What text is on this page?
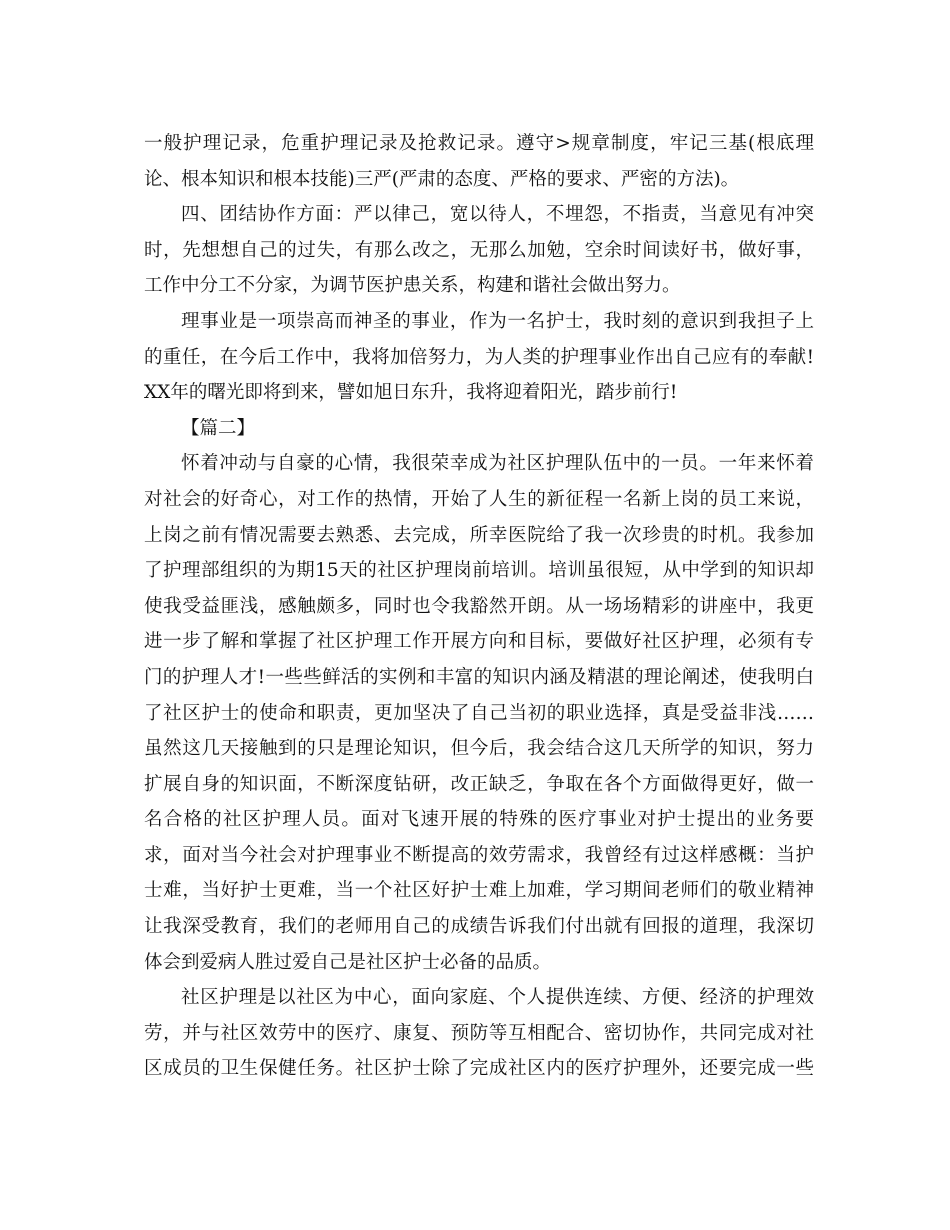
一般护理记录，危重护理记录及抢救记录。遵守>规章制度，牢记三基(根底理
论、根本知识和根本技能)三严(严肃的态度、严格的要求、严密的方法)。
四、团结协作方面：严以律己，宽以待人，不埋怨，不指责，当意见有冲突
时，先想想自己的过失，有那么改之，无那么加勉，空余时间读好书，做好事，
工作中分工不分家，为调节医护患关系，构建和谐社会做出努力。
理事业是一项崇高而神圣的事业，作为一名护士，我时刻的意识到我担子上
的重任，在今后工作中，我将加倍努力，为人类的护理事业作出自己应有的奉献!
XX年的曙光即将到来，譬如旭日东升，我将迎着阳光，踏步前行!
【篇二】
怀着冲动与自豪的心情，我很荣幸成为社区护理队伍中的一员。一年来怀着
对社会的好奇心，对工作的热情，开始了人生的新征程一名新上岗的员工来说，
上岗之前有情况需要去熟悉、去完成，所幸医院给了我一次珍贵的时机。我参加
了护理部组织的为期15天的社区护理岗前培训。培训虽很短，从中学到的知识却
使我受益匪浅，感触颇多，同时也令我豁然开朗。从一场场精彩的讲座中，我更
进一步了解和掌握了社区护理工作开展方向和目标，要做好社区护理，必须有专
门的护理人才!一些些鲜活的实例和丰富的知识内涵及精湛的理论阐述，使我明白
了社区护士的使命和职责，更加坚决了自己当初的职业选择，真是受益非浅……
虽然这几天接触到的只是理论知识，但今后，我会结合这几天所学的知识，努力
扩展自身的知识面，不断深度钻研，改正缺乏，争取在各个方面做得更好，做一
名合格的社区护理人员。面对飞速开展的特殊的医疗事业对护士提出的业务要
求，面对当今社会对护理事业不断提高的效劳需求，我曾经有过这样感概：当护
士难，当好护士更难，当一个社区好护士难上加难，学习期间老师们的敬业精神
让我深受教育，我们的老师用自己的成绩告诉我们付出就有回报的道理，我深切
体会到爱病人胜过爱自己是社区护士必备的品质。
社区护理是以社区为中心，面向家庭、个人提供连续、方便、经济的护理效
劳，并与社区效劳中的医疗、康复、预防等互相配合、密切协作，共同完成对社
区成员的卫生保健任务。社区护士除了完成社区内的医疗护理外，还要完成一些
